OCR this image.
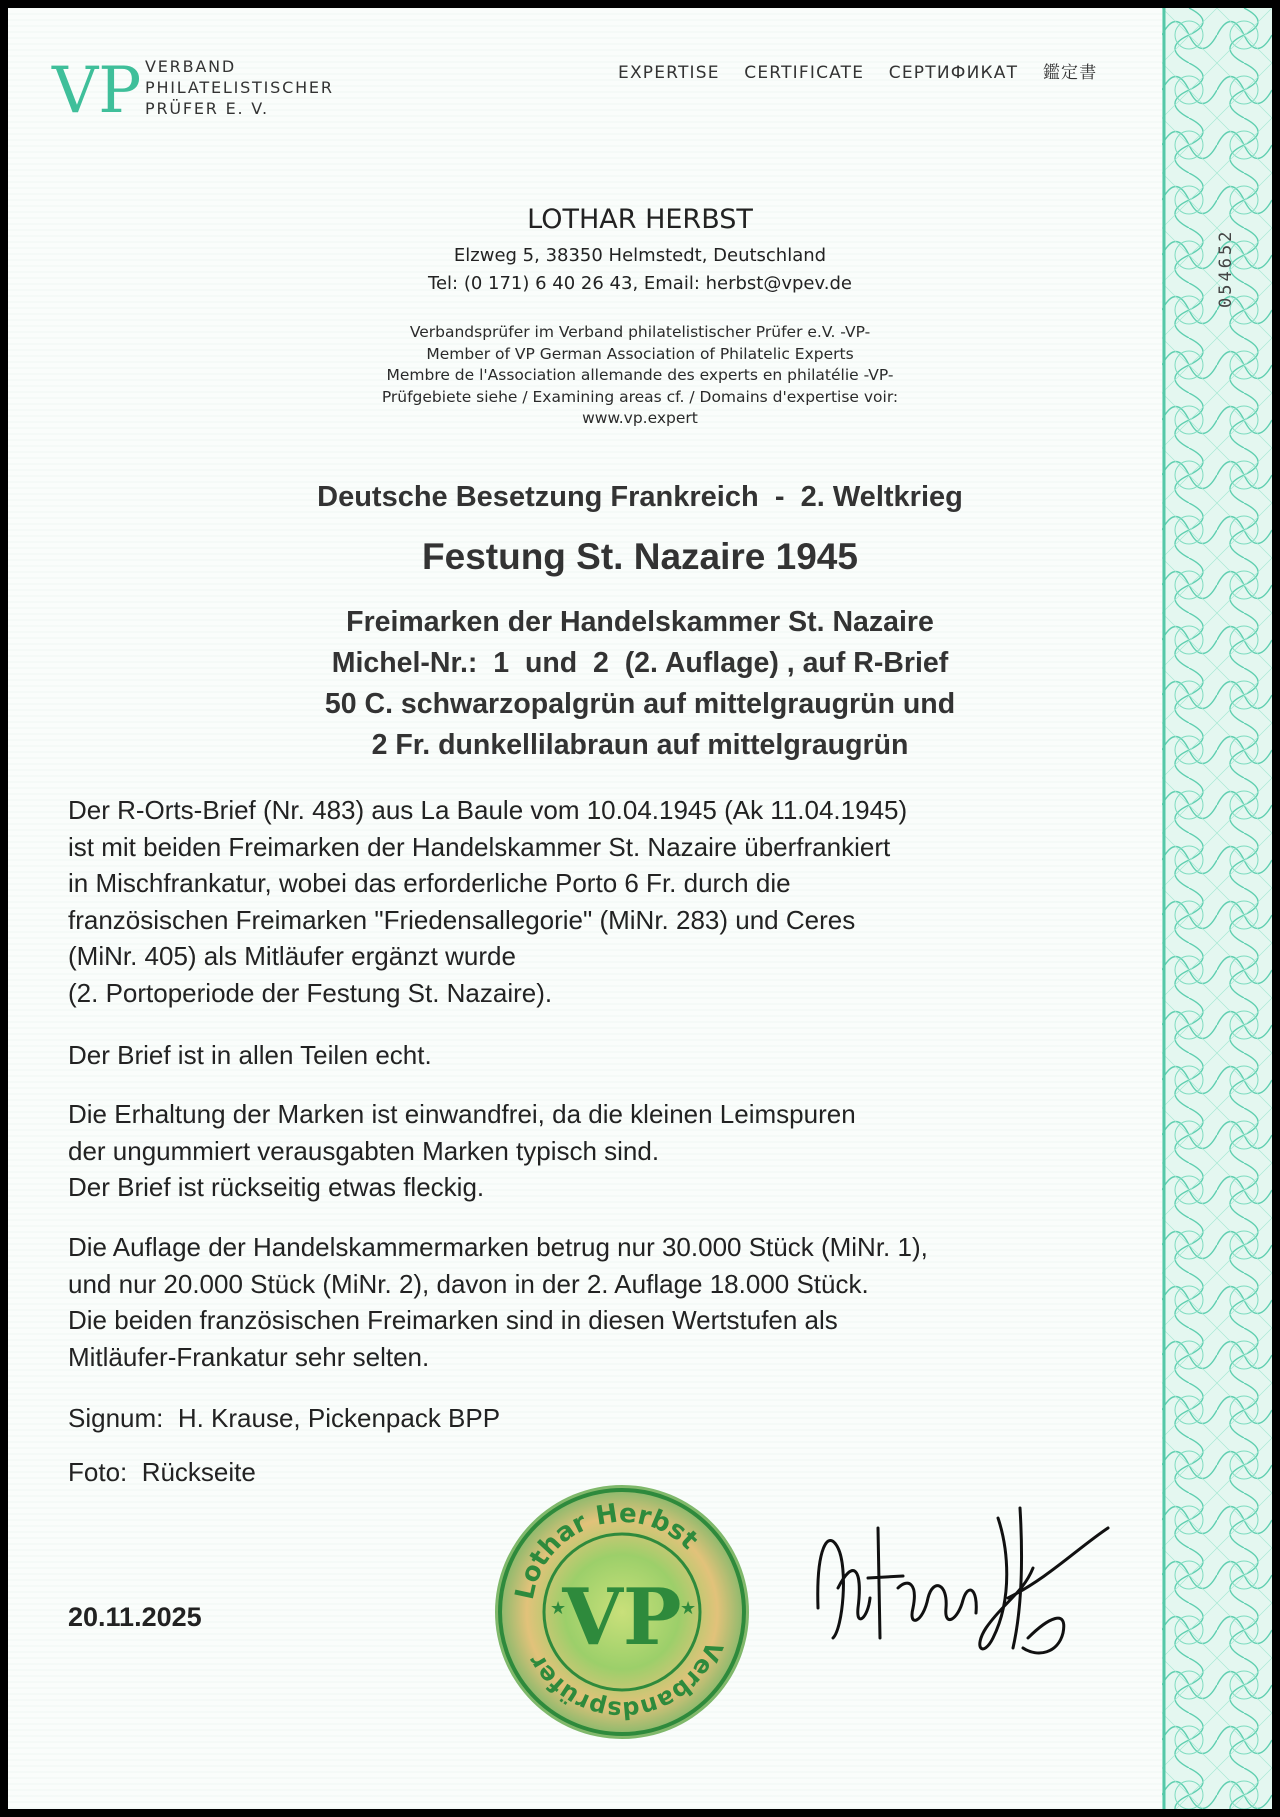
VP VERBAND
PHILATELISTISCHER
PRÜFER E. V.
EXPERTISE CERTIFICATE СЕРТИФИКАТ 鑑定書
054652
LOTHAR HERBST
Elzweg 5, 38350 Helmstedt, Deutschland
Tel: (0 171) 6 40 26 43, Email: herbst@vpev.de
Verbandsprüfer im Verband philatelistischer Prüfer e.V. -VP-
Member of VP German Association of Philatelic Experts
Membre de l'Association allemande des experts en philatélie -VP-
Prüfgebiete siehe / Examining areas cf. / Domains d'expertise voir:
www.vp.expert
Deutsche Besetzung Frankreich  -  2. Weltkrieg
Festung St. Nazaire 1945
Freimarken der Handelskammer St. Nazaire
Michel-Nr.:  1  und  2  (2. Auflage) , auf R-Brief
50 C. schwarzopalgrün auf mittelgraugrün und
2 Fr. dunkellilabraun auf mittelgraugrün
Der R-Orts-Brief (Nr. 483) aus La Baule vom 10.04.1945 (Ak 11.04.1945)
ist mit beiden Freimarken der Handelskammer St. Nazaire überfrankiert
in Mischfrankatur, wobei das erforderliche Porto 6 Fr. durch die
französischen Freimarken "Friedensallegorie" (MiNr. 283) und Ceres
(MiNr. 405) als Mitläufer ergänzt wurde
(2. Portoperiode der Festung St. Nazaire).
Der Brief ist in allen Teilen echt.
Die Erhaltung der Marken ist einwandfrei, da die kleinen Leimspuren
der ungummiert verausgabten Marken typisch sind.
Der Brief ist rückseitig etwas fleckig.
Die Auflage der Handelskammermarken betrug nur 30.000 Stück (MiNr. 1),
und nur 20.000 Stück (MiNr. 2), davon in der 2. Auflage 18.000 Stück.
Die beiden französischen Freimarken sind in diesen Wertstufen als
Mitläufer-Frankatur sehr selten.
Signum:  H. Krause, Pickenpack BPP
Foto:  Rückseite
20.11.2025
Lothar Herbst
Verbandsprüfer VP
★	★
